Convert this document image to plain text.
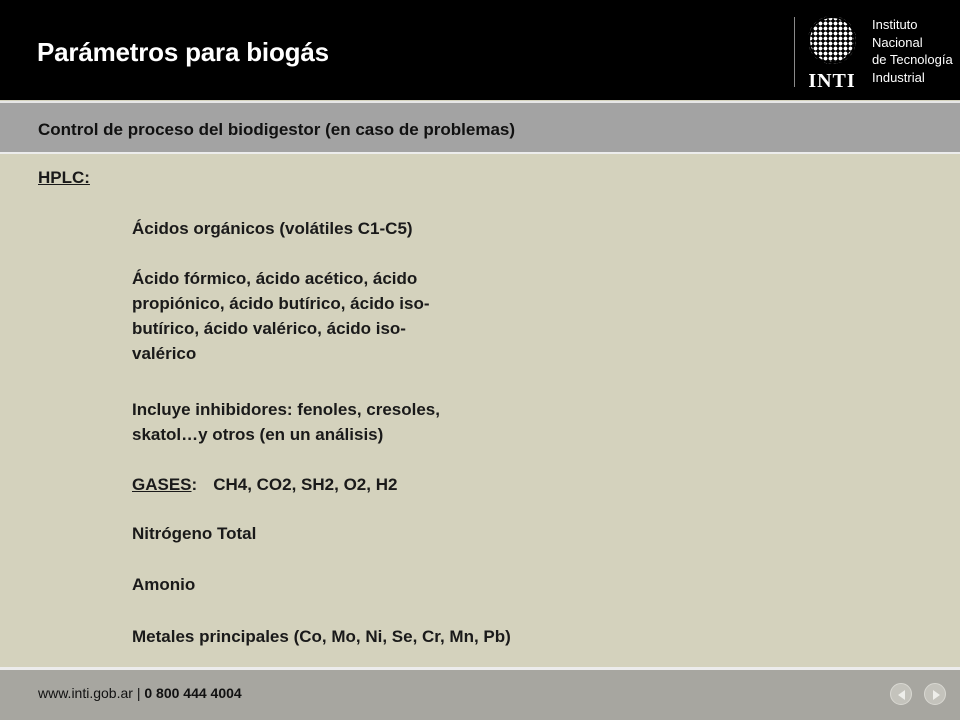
Parámetros para biogás
INTI
Instituto
Nacional
de Tecnología
Industrial
Control de proceso del biodigestor (en caso de problemas)
HPLC:
Ácidos orgánicos (volátiles C1-C5)
Ácido fórmico, ácido acético, ácido
propiónico, ácido butírico, ácido iso-
butírico, ácido valérico, ácido iso-
valérico
Incluye inhibidores: fenoles, cresoles,
skatol…y otros (en un análisis)
GASES: CH4, CO2, SH2, O2, H2
Nitrógeno Total
Amonio
Metales principales (Co, Mo, Ni, Se, Cr, Mn, Pb)
www.inti.gob.ar | 0 800 444 4004
